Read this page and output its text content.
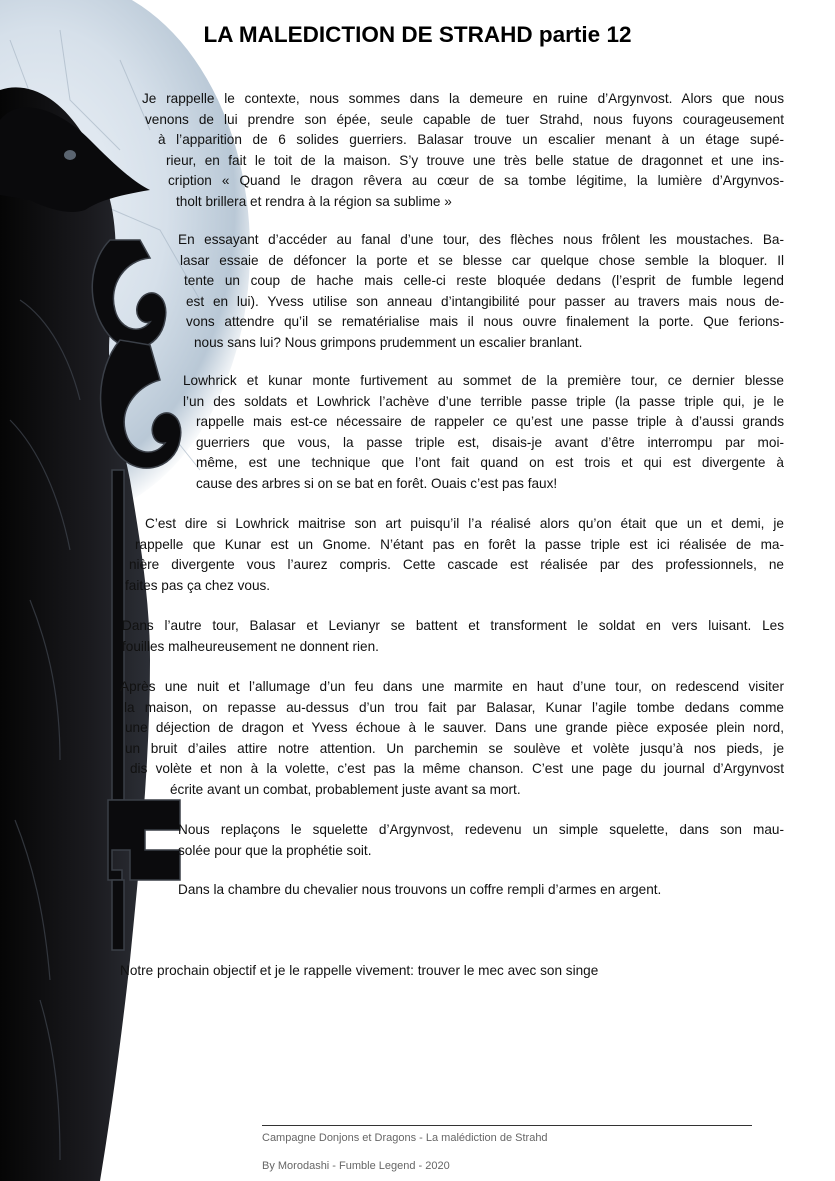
LA MALEDICTION DE STRAHD partie 12

Je rappelle le contexte, nous sommes dans la demeure en ruine d’Argynvost. Alors que nous
venons de lui prendre son épée, seule capable de tuer Strahd, nous fuyons courageusement
à l’apparition de 6 solides guerriers. Balasar trouve un escalier menant à un étage supé-
rieur, en fait le toit de la maison. S’y trouve une très belle statue de dragonnet et une ins-
cription « Quand le dragon rêvera au cœur de sa tombe légitime, la lumière d’Argynvos-
tholt brillera et rendra à la région sa sublime »

En essayant d’accéder au fanal d’une tour, des flèches nous frôlent les moustaches. Ba-
lasar essaie de défoncer la porte et se blesse car quelque chose semble la bloquer. Il
tente un coup de hache mais celle-ci reste bloquée dedans (l’esprit de fumble legend
est en lui). Yvess utilise son anneau d’intangibilité pour passer au travers mais nous de-
vons attendre qu’il se rematérialise mais il nous ouvre finalement la porte. Que ferions-
nous sans lui? Nous grimpons prudemment un escalier branlant.

Lowhrick et kunar monte furtivement au sommet de la première tour, ce dernier blesse
l’un des soldats et Lowhrick l’achève d’une terrible passe triple (la passe triple qui, je le
rappelle mais est-ce nécessaire de rappeler ce qu’est une passe triple à d’aussi grands
guerriers que vous, la passe triple est, disais-je avant d’être interrompu par moi-
même, est une technique que l’ont fait quand on est trois et qui est divergente à
cause des arbres si on se bat en forêt. Ouais c’est pas faux!

C’est dire si Lowhrick maitrise son art puisqu’il l’a réalisé alors qu’on était que un et demi, je
rappelle que Kunar est un Gnome. N’étant pas en forêt la passe triple est ici réalisée de ma-
nière divergente vous l’aurez compris. Cette cascade est réalisée par des professionnels, ne
faites pas ça chez vous.

Dans l’autre tour, Balasar et Levianyr se battent et transforment le soldat en vers luisant. Les
fouilles malheureusement ne donnent rien.

Après une nuit et l’allumage d’un feu dans une marmite en haut d’une tour, on redescend visiter
la maison, on repasse au-dessus d’un trou fait par Balasar, Kunar l’agile tombe dedans comme
une déjection de dragon et Yvess échoue à le sauver. Dans une grande pièce exposée plein nord,
un bruit d’ailes attire notre attention. Un parchemin se soulève et volète jusqu’à nos pieds, je
dis volète et non à la volette, c’est pas la même chanson. C’est une page du journal d’Argynvost
écrite avant un combat, probablement juste avant sa mort.

Nous replaçons le squelette d’Argynvost, redevenu un simple squelette, dans son mau-
solée pour que la prophétie soit.

Dans la chambre du chevalier nous trouvons un coffre rempli d’armes en argent.

Notre prochain objectif et je le rappelle vivement: trouver le mec avec son singe

Campagne Donjons et Dragons - La malédiction de Strahd
By Morodashi - Fumble Legend - 2020
